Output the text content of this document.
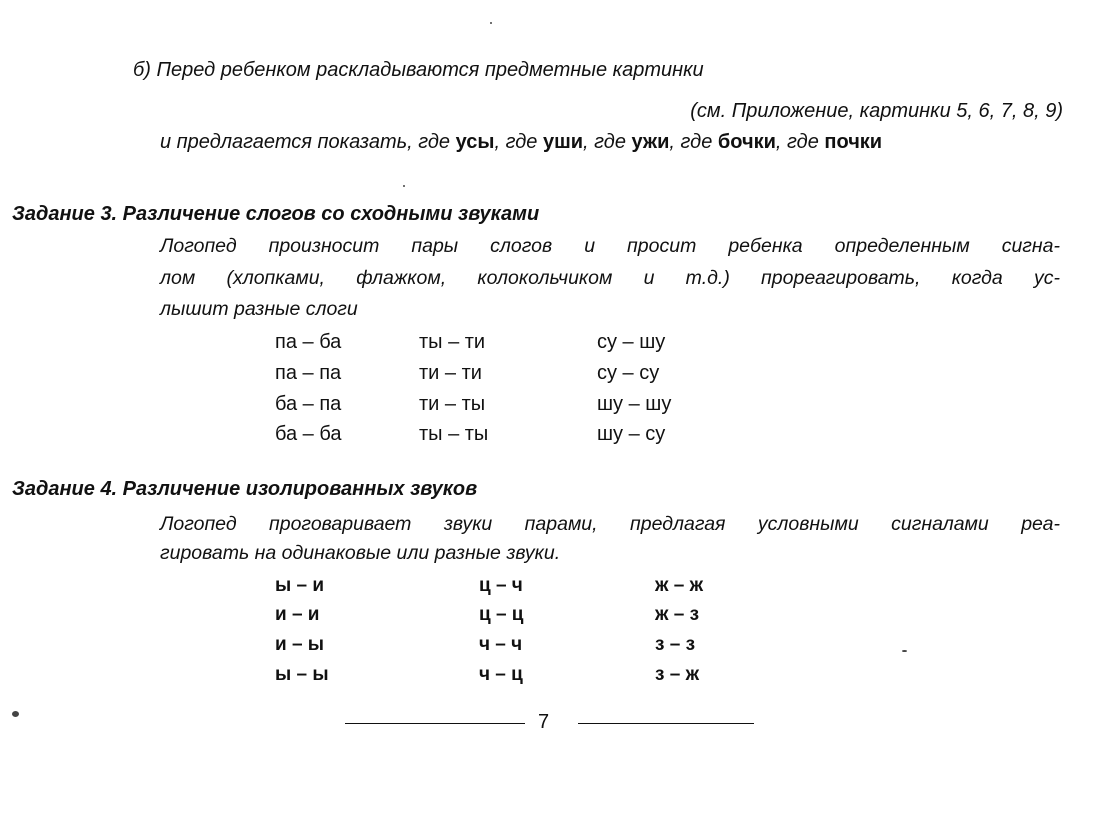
б) Перед ребенком раскладываются предметные картинки
(см. Приложение, картинки 5, 6, 7, 8, 9)
и предлагается показать, где усы, где уши, где ужи, где бочки, где почки
Задание 3. Различение слогов со сходными звуками
Логопед произносит пары слогов и просит ребенка определенным сигна-
лом (хлопками, флажком, колокольчиком и т.д.) прореагировать, когда ус-
лышит разные слоги
па – ба
па – па
ба – па
ба – ба
ты – ти
ти – ти
ти – ты
ты – ты
су – шу
су – су
шу – шу
шу – су
Задание 4. Различение изолированных звуков
Логопед проговаривает звуки парами, предлагая условными сигналами реа-
гировать на одинаковые или разные звуки.
ы – и
и – и
и – ы
ы – ы
ц – ч
ц – ц
ч – ч
ч – ц
ж – ж
ж – з
з – з
з – ж
7
